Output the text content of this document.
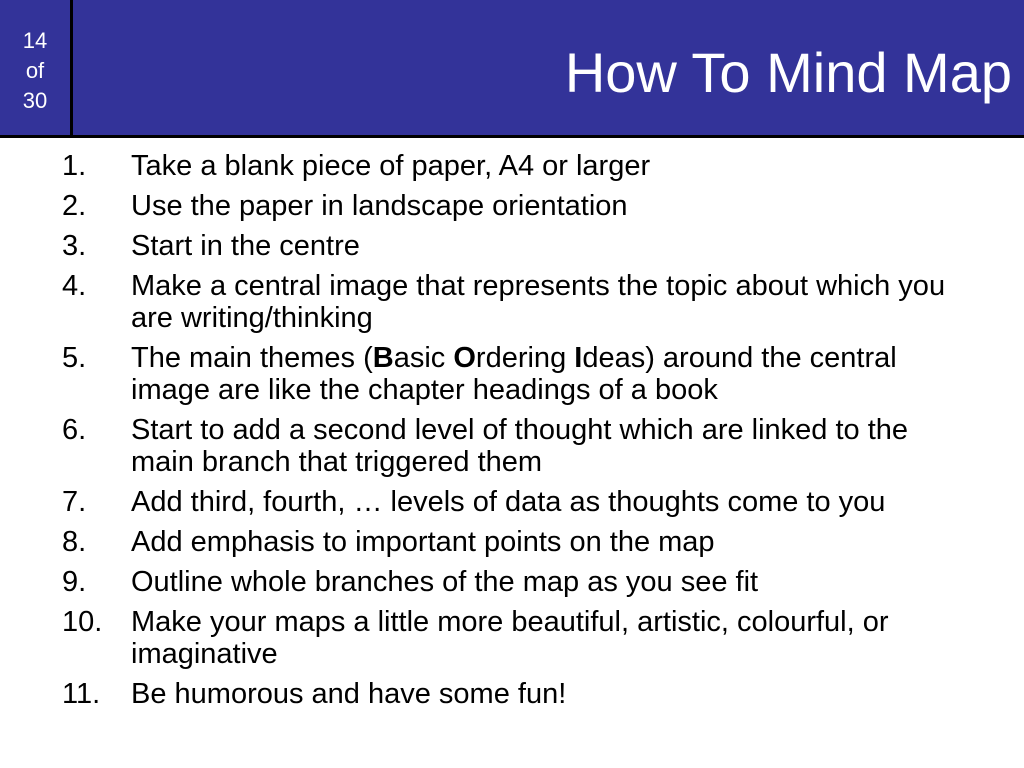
14
of
30	How To Mind Map
1. Take a blank piece of paper, A4 or larger
2. Use the paper in landscape orientation
3. Start in the centre
4. Make a central image that represents the topic about which you are writing/thinking
5. The main themes (Basic Ordering Ideas) around the central image are like the chapter headings of a book
6. Start to add a second level of thought which are linked to the main branch that triggered them
7. Add third, fourth, … levels of data as thoughts come to you
8. Add emphasis to important points on the map
9. Outline whole branches of the map as you see fit
10. Make your maps a little more beautiful, artistic, colourful, or imaginative
11. Be humorous and have some fun!
